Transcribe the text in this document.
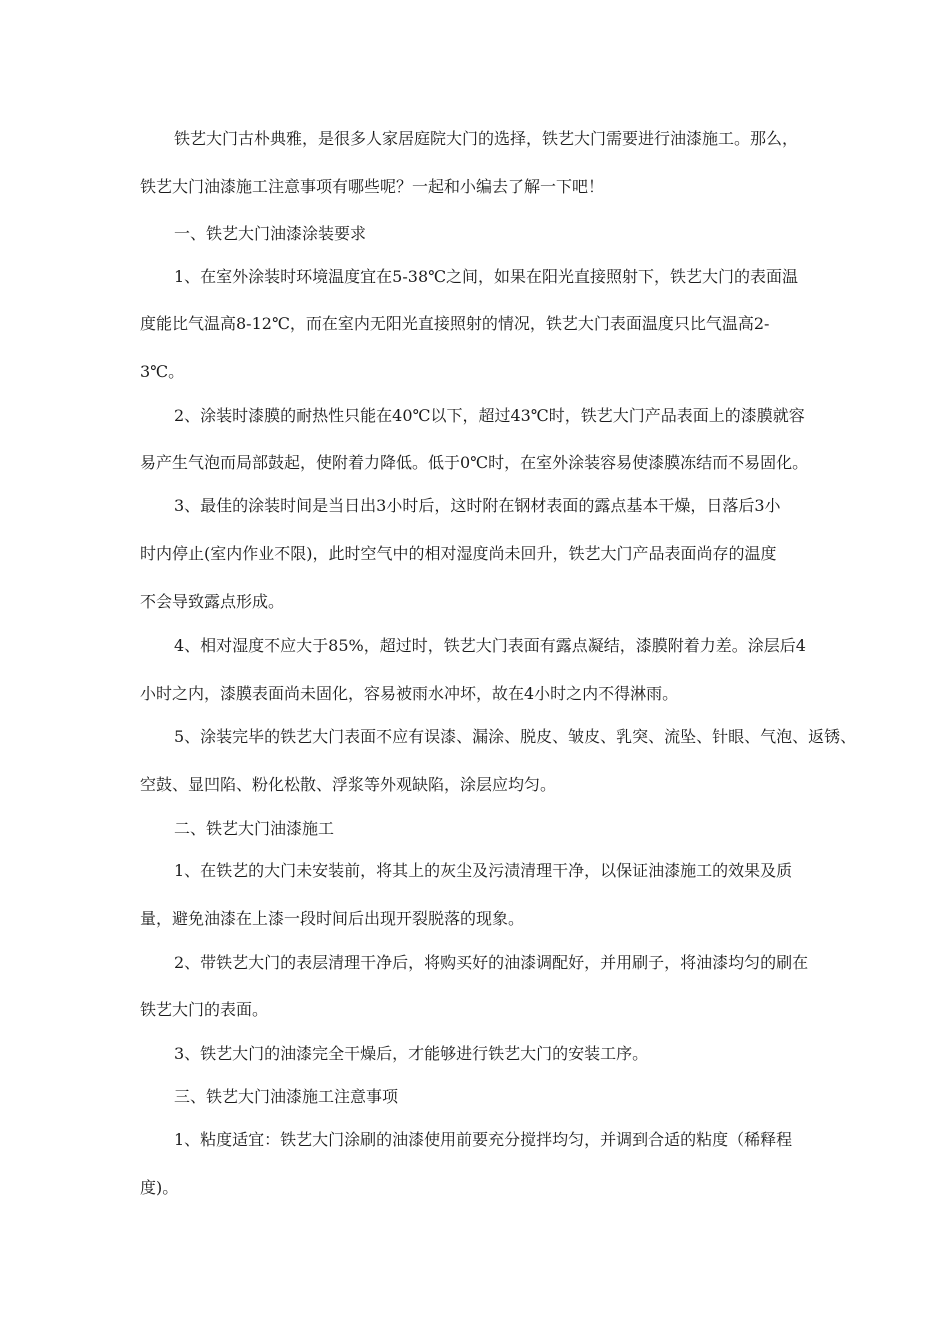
铁艺大门古朴典雅，是很多人家居庭院大门的选择，铁艺大门需要进行油漆施工。那么，
铁艺大门油漆施工注意事项有哪些呢？一起和小编去了解一下吧！
一、铁艺大门油漆涂装要求
1、在室外涂装时环境温度宜在5-38℃之间，如果在阳光直接照射下，铁艺大门的表面温
度能比气温高8-12℃，而在室内无阳光直接照射的情况，铁艺大门表面温度只比气温高2-
3℃。
2、涂装时漆膜的耐热性只能在40℃以下，超过43℃时，铁艺大门产品表面上的漆膜就容
易产生气泡而局部鼓起，使附着力降低。低于0℃时，在室外涂装容易使漆膜冻结而不易固化。
3、最佳的涂装时间是当日出3小时后，这时附在钢材表面的露点基本干燥，日落后3小
时内停止(室内作业不限)，此时空气中的相对湿度尚未回升，铁艺大门产品表面尚存的温度
不会导致露点形成。
4、相对湿度不应大于85%，超过时，铁艺大门表面有露点凝结，漆膜附着力差。涂层后4
小时之内，漆膜表面尚未固化，容易被雨水冲坏，故在4小时之内不得淋雨。
5、涂装完毕的铁艺大门表面不应有误漆、漏涂、脱皮、皱皮、乳突、流坠、针眼、气泡、返锈、
空鼓、显凹陷、粉化松散、浮浆等外观缺陷，涂层应均匀。
二、铁艺大门油漆施工
1、在铁艺的大门未安装前，将其上的灰尘及污渍清理干净，以保证油漆施工的效果及质
量，避免油漆在上漆一段时间后出现开裂脱落的现象。
2、带铁艺大门的表层清理干净后，将购买好的油漆调配好，并用刷子，将油漆均匀的刷在
铁艺大门的表面。
3、铁艺大门的油漆完全干燥后，才能够进行铁艺大门的安装工序。
三、铁艺大门油漆施工注意事项
1、粘度适宜：铁艺大门涂刷的油漆使用前要充分搅拌均匀，并调到合适的粘度（稀释程
度)。
